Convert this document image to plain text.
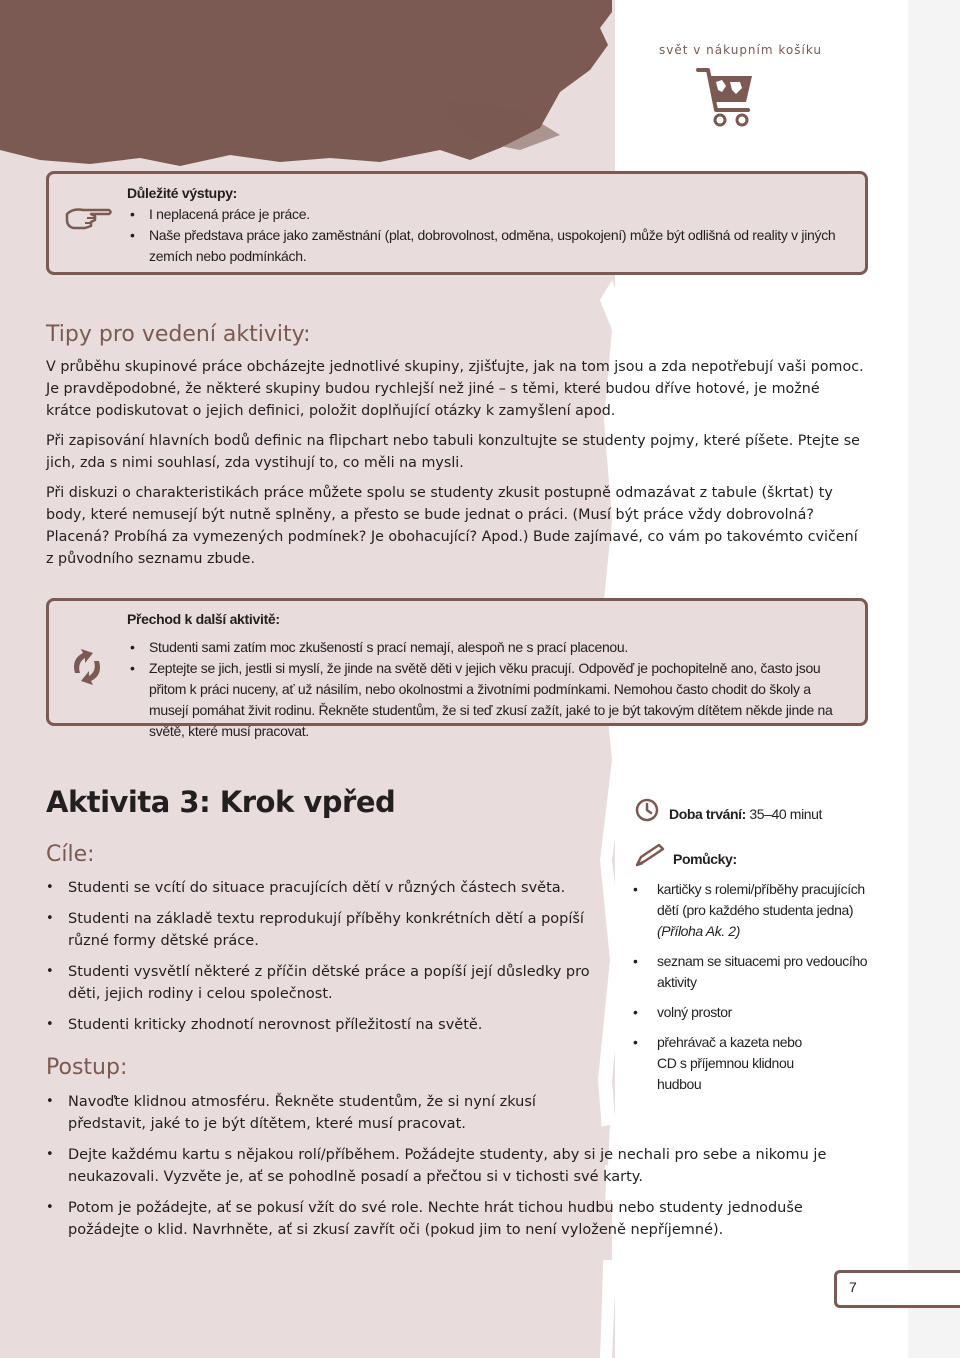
svět v nákupním košíku
Důležité výstupy:
• I neplacená práce je práce.
• Naše představa práce jako zaměstnání (plat, dobrovolnost, odměna, uspokojení) může být odlišná od reality v jiných zemích nebo podmínkách.
Tipy pro vedení aktivity:

V průběhu skupinové práce obcházejte jednotlivé skupiny, zjišťujte, jak na tom jsou a zda nepotřebují vaši pomoc. Je pravděpodobné, že některé skupiny budou rychlejší než jiné – s těmi, které budou dříve hotové, je možné krátce podiskutovat o jejich definici, položit doplňující otázky k zamyšlení apod.

Při zapisování hlavních bodů definic na flipchart nebo tabuli konzultujte se studenty pojmy, které píšete. Ptejte se jich, zda s nimi souhlasí, zda vystihují to, co měli na mysli.

Při diskuzi o charakteristikách práce můžete spolu se studenty zkusit postupně odmazávat z tabule (škrtat) ty body, které nemusejí být nutně splněny, a přesto se bude jednat o práci. (Musí být práce vždy dobrovolná? Placená? Probíhá za vymezených podmínek? Je obohacující? Apod.) Bude zajímavé, co vám po takovémto cvičení z původního seznamu zbude.

Přechod k další aktivitě:
• Studenti sami zatím moc zkušeností s prací nemají, alespoň ne s prací placenou.
• Zeptejte se jich, jestli si myslí, že jinde na světě děti v jejich věku pracují. Odpověď je pochopitelně ano, často jsou přitom k práci nuceny, ať už násilím, nebo okolnostmi a životními podmínkami. Nemohou často chodit do školy a musejí pomáhat živit rodinu. Řekněte studentům, že si teď zkusí zažít, jaké to je být takovým dítětem někde jinde na světě, které musí pracovat.
Aktivita 3: Krok vpřed
Cíle:
• Studenti se vcítí do situace pracujících dětí v různých částech světa.
• Studenti na základě textu reprodukují příběhy konkrétních dětí a popíší různé formy dětské práce.
• Studenti vysvětlí některé z příčin dětské práce a popíší její důsledky pro děti, jejich rodiny i celou společnost.
• Studenti kriticky zhodnotí nerovnost příležitostí na světě.
Postup:
• Navoďte klidnou atmosféru. Řekněte studentům, že si nyní zkusí představit, jaké to je být dítětem, které musí pracovat.
• Dejte každému kartu s nějakou rolí/příběhem. Požádejte studenty, aby si je nechali pro sebe a nikomu je neukazovali. Vyzvěte je, ať se pohodlně posadí a přečtou si v tichosti své karty.
• Potom je požádejte, ať se pokusí vžít do své role. Nechte hrát tichou hudbu nebo studenty jednoduše požádejte o klid. Navrhněte, ať si zkusí zavřít oči (pokud jim to není vyloženě nepříjemné).
Doba trvání: 35–40 minut
Pomůcky:
• kartičky s rolemi/příběhy pracujících dětí (pro každého studenta jedna)
(Příloha Ak. 2)
• seznam se situacemi pro vedoucího aktivity
• volný prostor
• přehrávač a kazeta nebo CD s příjemnou klidnou hudbou
7
